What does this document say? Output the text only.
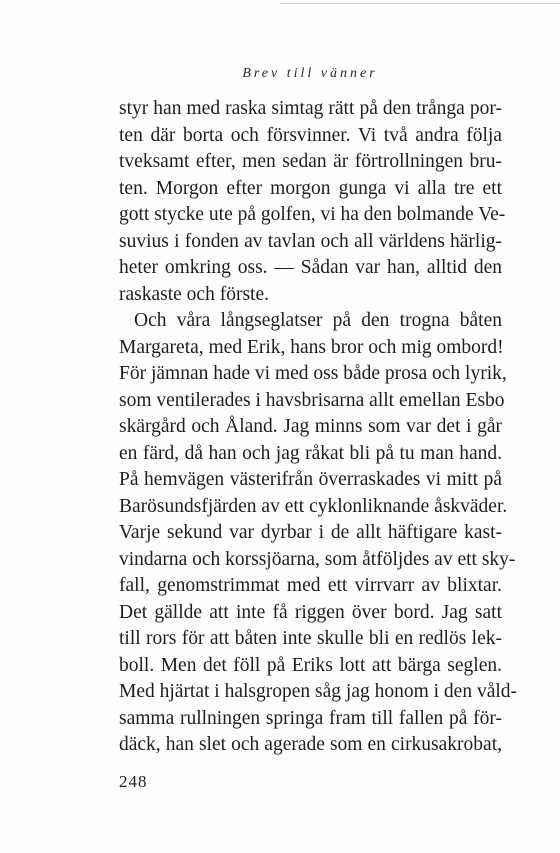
Brev till vänner
styr han med raska simtag rätt på den trånga por-
ten där borta och försvinner. Vi två andra följa
tveksamt efter, men sedan är förtrollningen bru-
ten. Morgon efter morgon gunga vi alla tre ett
gott stycke ute på golfen, vi ha den bolmande Ve-
suvius i fonden av tavlan och all världens härlig-
heter omkring oss. — Sådan var han, alltid den
raskaste och förste.
Och våra långseglatser på den trogna båten
Margareta, med Erik, hans bror och mig ombord!
För jämnan hade vi med oss både prosa och lyrik,
som ventilerades i havsbrisarna allt emellan Esbo
skärgård och Åland. Jag minns som var det i går
en färd, då han och jag råkat bli på tu man hand.
På hemvägen västerifrån överraskades vi mitt på
Barösundsfjärden av ett cyklonliknande åskväder.
Varje sekund var dyrbar i de allt häftigare kast-
vindarna och korssjöarna, som åtföljdes av ett sky-
fall, genomstrimmat med ett virrvarr av blixtar.
Det gällde att inte få riggen över bord. Jag satt
till rors för att båten inte skulle bli en redlös lek-
boll. Men det föll på Eriks lott att bärga seglen.
Med hjärtat i halsgropen såg jag honom i den våld-
samma rullningen springa fram till fallen på för-
däck, han slet och agerade som en cirkusakrobat,
248
